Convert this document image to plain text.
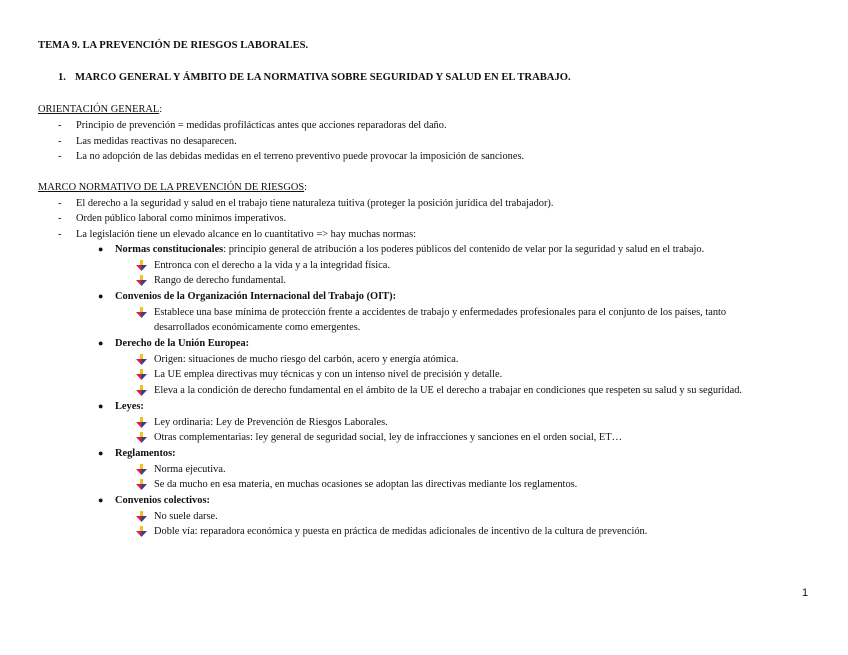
TEMA 9. LA PREVENCIÓN DE RIESGOS LABORALES.
1. MARCO GENERAL Y ÁMBITO DE LA NORMATIVA SOBRE SEGURIDAD Y SALUD EN EL TRABAJO.
ORIENTACIÓN GENERAL:
- Principio de prevención = medidas profilácticas antes que acciones reparadoras del daño.
- Las medidas reactivas no desaparecen.
- La no adopción de las debidas medidas en el terreno preventivo puede provocar la imposición de sanciones.
MARCO NORMATIVO DE LA PREVENCIÓN DE RIESGOS:
- El derecho a la seguridad y salud en el trabajo tiene naturaleza tuitiva (proteger la posición jurídica del trabajador).
- Orden público laboral como mínimos imperativos.
- La legislación tiene un elevado alcance en lo cuantitativo => hay muchas normas:
● Normas constitucionales: principio general de atribución a los poderes públicos del contenido de velar por la seguridad y salud en el trabajo.
Entronca con el derecho a la vida y a la integridad física.
Rango de derecho fundamental.
● Convenios de la Organización Internacional del Trabajo (OIT):
Establece una base mínima de protección frente a accidentes de trabajo y enfermedades profesionales para el conjunto de los países, tanto
desarrollados económicamente como emergentes.
● Derecho de la Unión Europea:
Origen: situaciones de mucho riesgo del carbón, acero y energía atómica.
La UE emplea directivas muy técnicas y con un intenso nivel de precisión y detalle.
Eleva a la condición de derecho fundamental en el ámbito de la UE el derecho a trabajar en condiciones que respeten su salud y su seguridad.
● Leyes:
Ley ordinaria: Ley de Prevención de Riesgos Laborales.
Otras complementarias: ley general de seguridad social, ley de infracciones y sanciones en el orden social, ET…
● Reglamentos:
Norma ejecutiva.
Se da mucho en esa materia, en muchas ocasiones se adoptan las directivas mediante los reglamentos.
● Convenios colectivos:
No suele darse.
Doble vía: reparadora económica y puesta en práctica de medidas adicionales de incentivo de la cultura de prevención.
1
